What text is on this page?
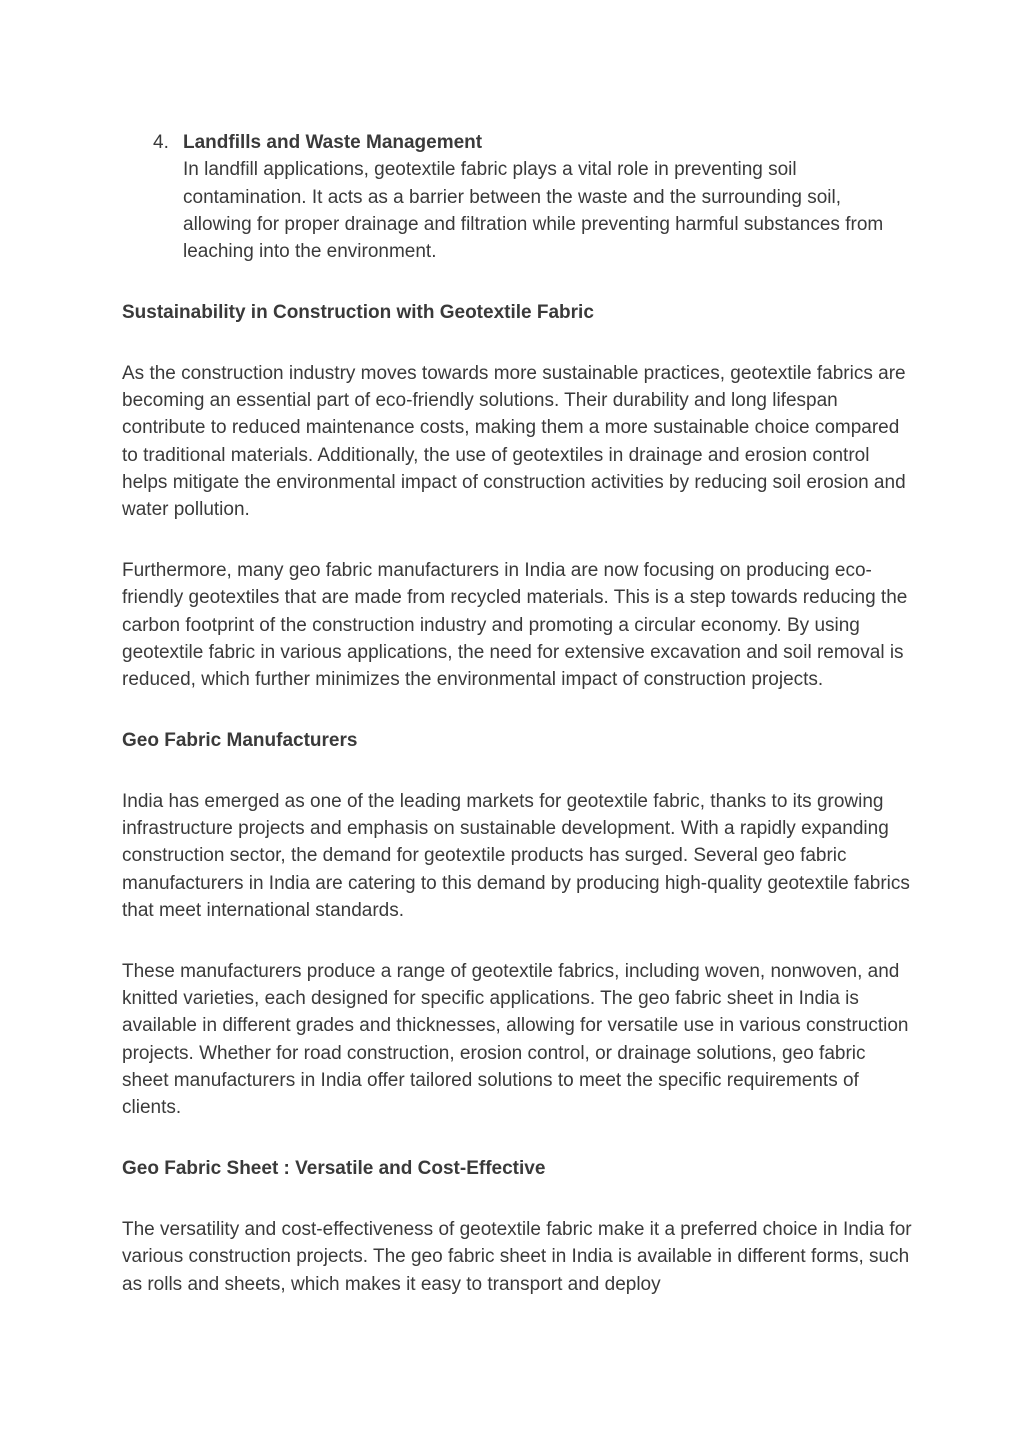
4. Landfills and Waste Management
In landfill applications, geotextile fabric plays a vital role in preventing soil contamination. It acts as a barrier between the waste and the surrounding soil, allowing for proper drainage and filtration while preventing harmful substances from leaching into the environment.
Sustainability in Construction with Geotextile Fabric

As the construction industry moves towards more sustainable practices, geotextile fabrics are becoming an essential part of eco-friendly solutions. Their durability and long lifespan contribute to reduced maintenance costs, making them a more sustainable choice compared to traditional materials. Additionally, the use of geotextiles in drainage and erosion control helps mitigate the environmental impact of construction activities by reducing soil erosion and water pollution.

Furthermore, many geo fabric manufacturers in India are now focusing on producing eco-friendly geotextiles that are made from recycled materials. This is a step towards reducing the carbon footprint of the construction industry and promoting a circular economy. By using geotextile fabric in various applications, the need for extensive excavation and soil removal is reduced, which further minimizes the environmental impact of construction projects.

Geo Fabric Manufacturers

India has emerged as one of the leading markets for geotextile fabric, thanks to its growing infrastructure projects and emphasis on sustainable development. With a rapidly expanding construction sector, the demand for geotextile products has surged. Several geo fabric manufacturers in India are catering to this demand by producing high-quality geotextile fabrics that meet international standards.

These manufacturers produce a range of geotextile fabrics, including woven, nonwoven, and knitted varieties, each designed for specific applications. The geo fabric sheet in India is available in different grades and thicknesses, allowing for versatile use in various construction projects. Whether for road construction, erosion control, or drainage solutions, geo fabric sheet manufacturers in India offer tailored solutions to meet the specific requirements of clients.

Geo Fabric Sheet : Versatile and Cost-Effective

The versatility and cost-effectiveness of geotextile fabric make it a preferred choice in India for various construction projects. The geo fabric sheet in India is available in different forms, such as rolls and sheets, which makes it easy to transport and deploy
